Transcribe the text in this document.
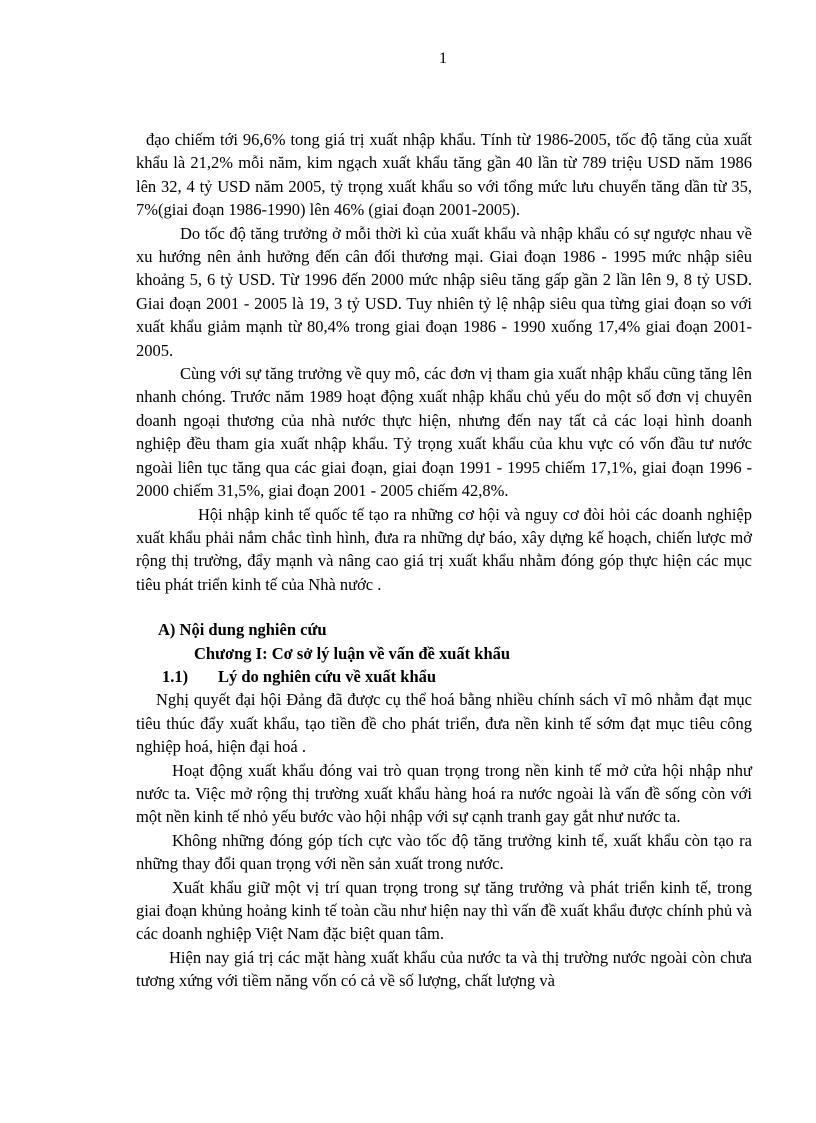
1

đạo chiếm tới 96,6% tong giá trị xuất nhập khẩu. Tính từ 1986-2005, tốc độ tăng của xuất khẩu là 21,2% mỗi năm, kim ngạch xuất khẩu tăng gần 40 lần từ 789 triệu USD năm 1986 lên 32, 4 tỷ USD năm 2005, tỷ trọng xuất khẩu so với tổng mức lưu chuyển tăng dần từ 35, 7%(giai đoạn 1986-1990) lên 46% (giai đoạn 2001-2005).

Do tốc độ tăng trưởng ở mỗi thời kì của xuất khẩu và nhập khẩu có sự ngược nhau về xu hướng nên ảnh hưởng đến cân đối thương mại. Giai đoạn 1986 - 1995 mức nhập siêu khoảng 5, 6 tỷ USD. Từ 1996 đến 2000 mức nhập siêu tăng gấp gần 2 lần lên 9, 8 tỷ USD. Giai đoạn 2001 - 2005 là 19, 3 tỷ USD. Tuy nhiên tỷ lệ nhập siêu qua từng giai đoạn so với xuất khẩu giảm mạnh từ 80,4% trong giai đoạn 1986 - 1990 xuống 17,4% giai đoạn 2001-2005.

Cùng với sự tăng trưởng về quy mô, các đơn vị tham gia xuất nhập khẩu cũng tăng lên nhanh chóng. Trước năm 1989 hoạt động xuất nhập khẩu chủ yếu do một số đơn vị chuyên doanh ngoại thương của nhà nước thực hiện, nhưng đến nay tất cả các loại hình doanh nghiệp đều tham gia xuất nhập khẩu. Tỷ trọng xuất khẩu của khu vực có vốn đầu tư nước ngoài liên tục tăng qua các giai đoạn, giai đoạn 1991 - 1995 chiếm 17,1%, giai đoạn 1996 - 2000 chiếm 31,5%, giai đoạn 2001 - 2005 chiếm 42,8%.

Hội nhập kinh tế quốc tế tạo ra những cơ hội và nguy cơ đòi hỏi các doanh nghiệp xuất khẩu phải nắm chắc tình hình, đưa ra những dự báo, xây dựng kế hoạch, chiến lược mở rộng thị trường, đẩy mạnh và nâng cao giá trị xuất khẩu nhằm đóng góp thực hiện các mục tiêu phát triển kinh tế của Nhà nước .

A) Nội dung nghiên cứu

Chương I: Cơ sở lý luận về vấn đề xuất khẩu

1.1) Lý do nghiên cứu về xuất khẩu

Nghị quyết đại hội Đảng đã được cụ thể hoá bằng nhiều chính sách vĩ mô nhằm đạt mục tiêu thúc đẩy xuất khẩu, tạo tiền đề cho phát triển, đưa nền kinh tế sớm đạt mục tiêu công nghiệp hoá, hiện đại hoá .

Hoạt động xuất khẩu đóng vai trò quan trọng trong nền kinh tế mở cửa hội nhập như nước ta. Việc mở rộng thị trường xuất khẩu hàng hoá ra nước ngoài là vấn đề sống còn với một nền kinh tế nhỏ yếu bước vào hội nhập với sự cạnh tranh gay gắt như nước ta.

Không những đóng góp tích cực vào tốc độ tăng trưởng kinh tế, xuất khẩu còn tạo ra những thay đổi quan trọng với nền sản xuất trong nước.

Xuất khẩu giữ một vị trí quan trọng trong sự tăng trưởng và phát triển kinh tế, trong giai đoạn khủng hoảng kinh tế toàn cầu như hiện nay thì vấn đề xuất khẩu được chính phủ và các doanh nghiệp Việt Nam đặc biệt quan tâm.

Hiện nay giá trị các mặt hàng xuất khẩu của nước ta và thị trường nước ngoài còn chưa tương xứng với tiềm năng vốn có cả về số lượng, chất lượng và
